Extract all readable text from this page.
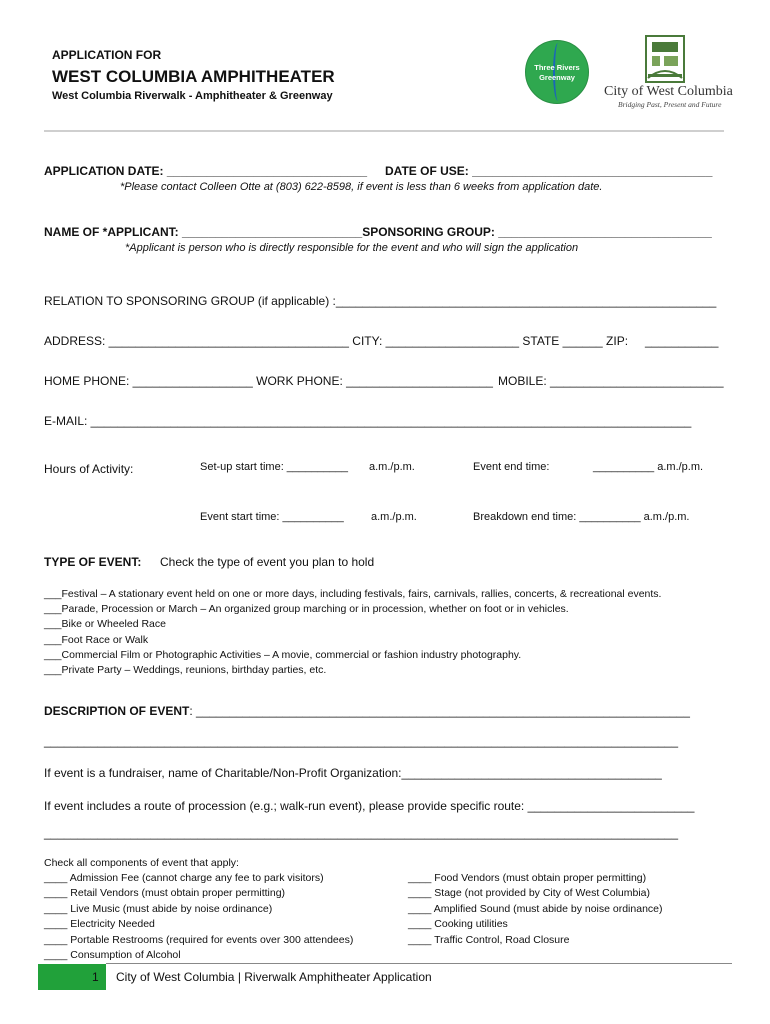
APPLICATION FOR
WEST COLUMBIA AMPHITHEATER
West Columbia Riverwalk - Amphitheater & Greenway
Three Rivers
Greenway
City of West Columbia
Bridging Past, Present and Future
APPLICATION DATE: ______________________________ DATE OF USE: ____________________________________
*Please contact Colleen Otte at (803) 622-8598, if event is less than 6 weeks from application date.
NAME OF *APPLICANT: ___________________________SPONSORING GROUP: ________________________________
*Applicant is person who is directly responsible for the event and who will sign the application
RELATION TO SPONSORING GROUP (if applicable) :_________________________________________________________
ADDRESS: ____________________________________ CITY: ____________________ STATE ______ ZIP: ___________
HOME PHONE: __________________ WORK PHONE: ______________________ MOBILE: __________________________
E-MAIL: __________________________________________________________________________________________
Hours of Activity:	Set-up start time: __________ a.m./p.m.	Event end time:	__________ a.m./p.m.
Event start time: __________ a.m./p.m.	Breakdown end time: __________ a.m./p.m.
TYPE OF EVENT: Check the type of event you plan to hold
___Festival – A stationary event held on one or more days, including festivals, fairs, carnivals, rallies, concerts, & recreational events.
___Parade, Procession or March – An organized group marching or in procession, whether on foot or in vehicles.
___Bike or Wheeled Race
___Foot Race or Walk
___Commercial Film or Photographic Activities – A movie, commercial or fashion industry photography.
___Private Party – Weddings, reunions, birthday parties, etc.
DESCRIPTION OF EVENT: __________________________________________________________________________
_______________________________________________________________________________________________
If event is a fundraiser, name of Charitable/Non-Profit Organization:_______________________________________
If event includes a route of procession (e.g.; walk-run event), please provide specific route: _________________________
_______________________________________________________________________________________________
Check all components of event that apply:
____ Admission Fee (cannot charge any fee to park visitors)
____ Retail Vendors (must obtain proper permitting)
____ Live Music (must abide by noise ordinance)
____ Electricity Needed
____ Portable Restrooms (required for events over 300 attendees)
____ Consumption of Alcohol
____ Food Vendors (must obtain proper permitting)
____ Stage (not provided by City of West Columbia)
____ Amplified Sound (must abide by noise ordinance)
____ Cooking utilities
____ Traffic Control, Road Closure
1 City of West Columbia | Riverwalk Amphitheater Application
